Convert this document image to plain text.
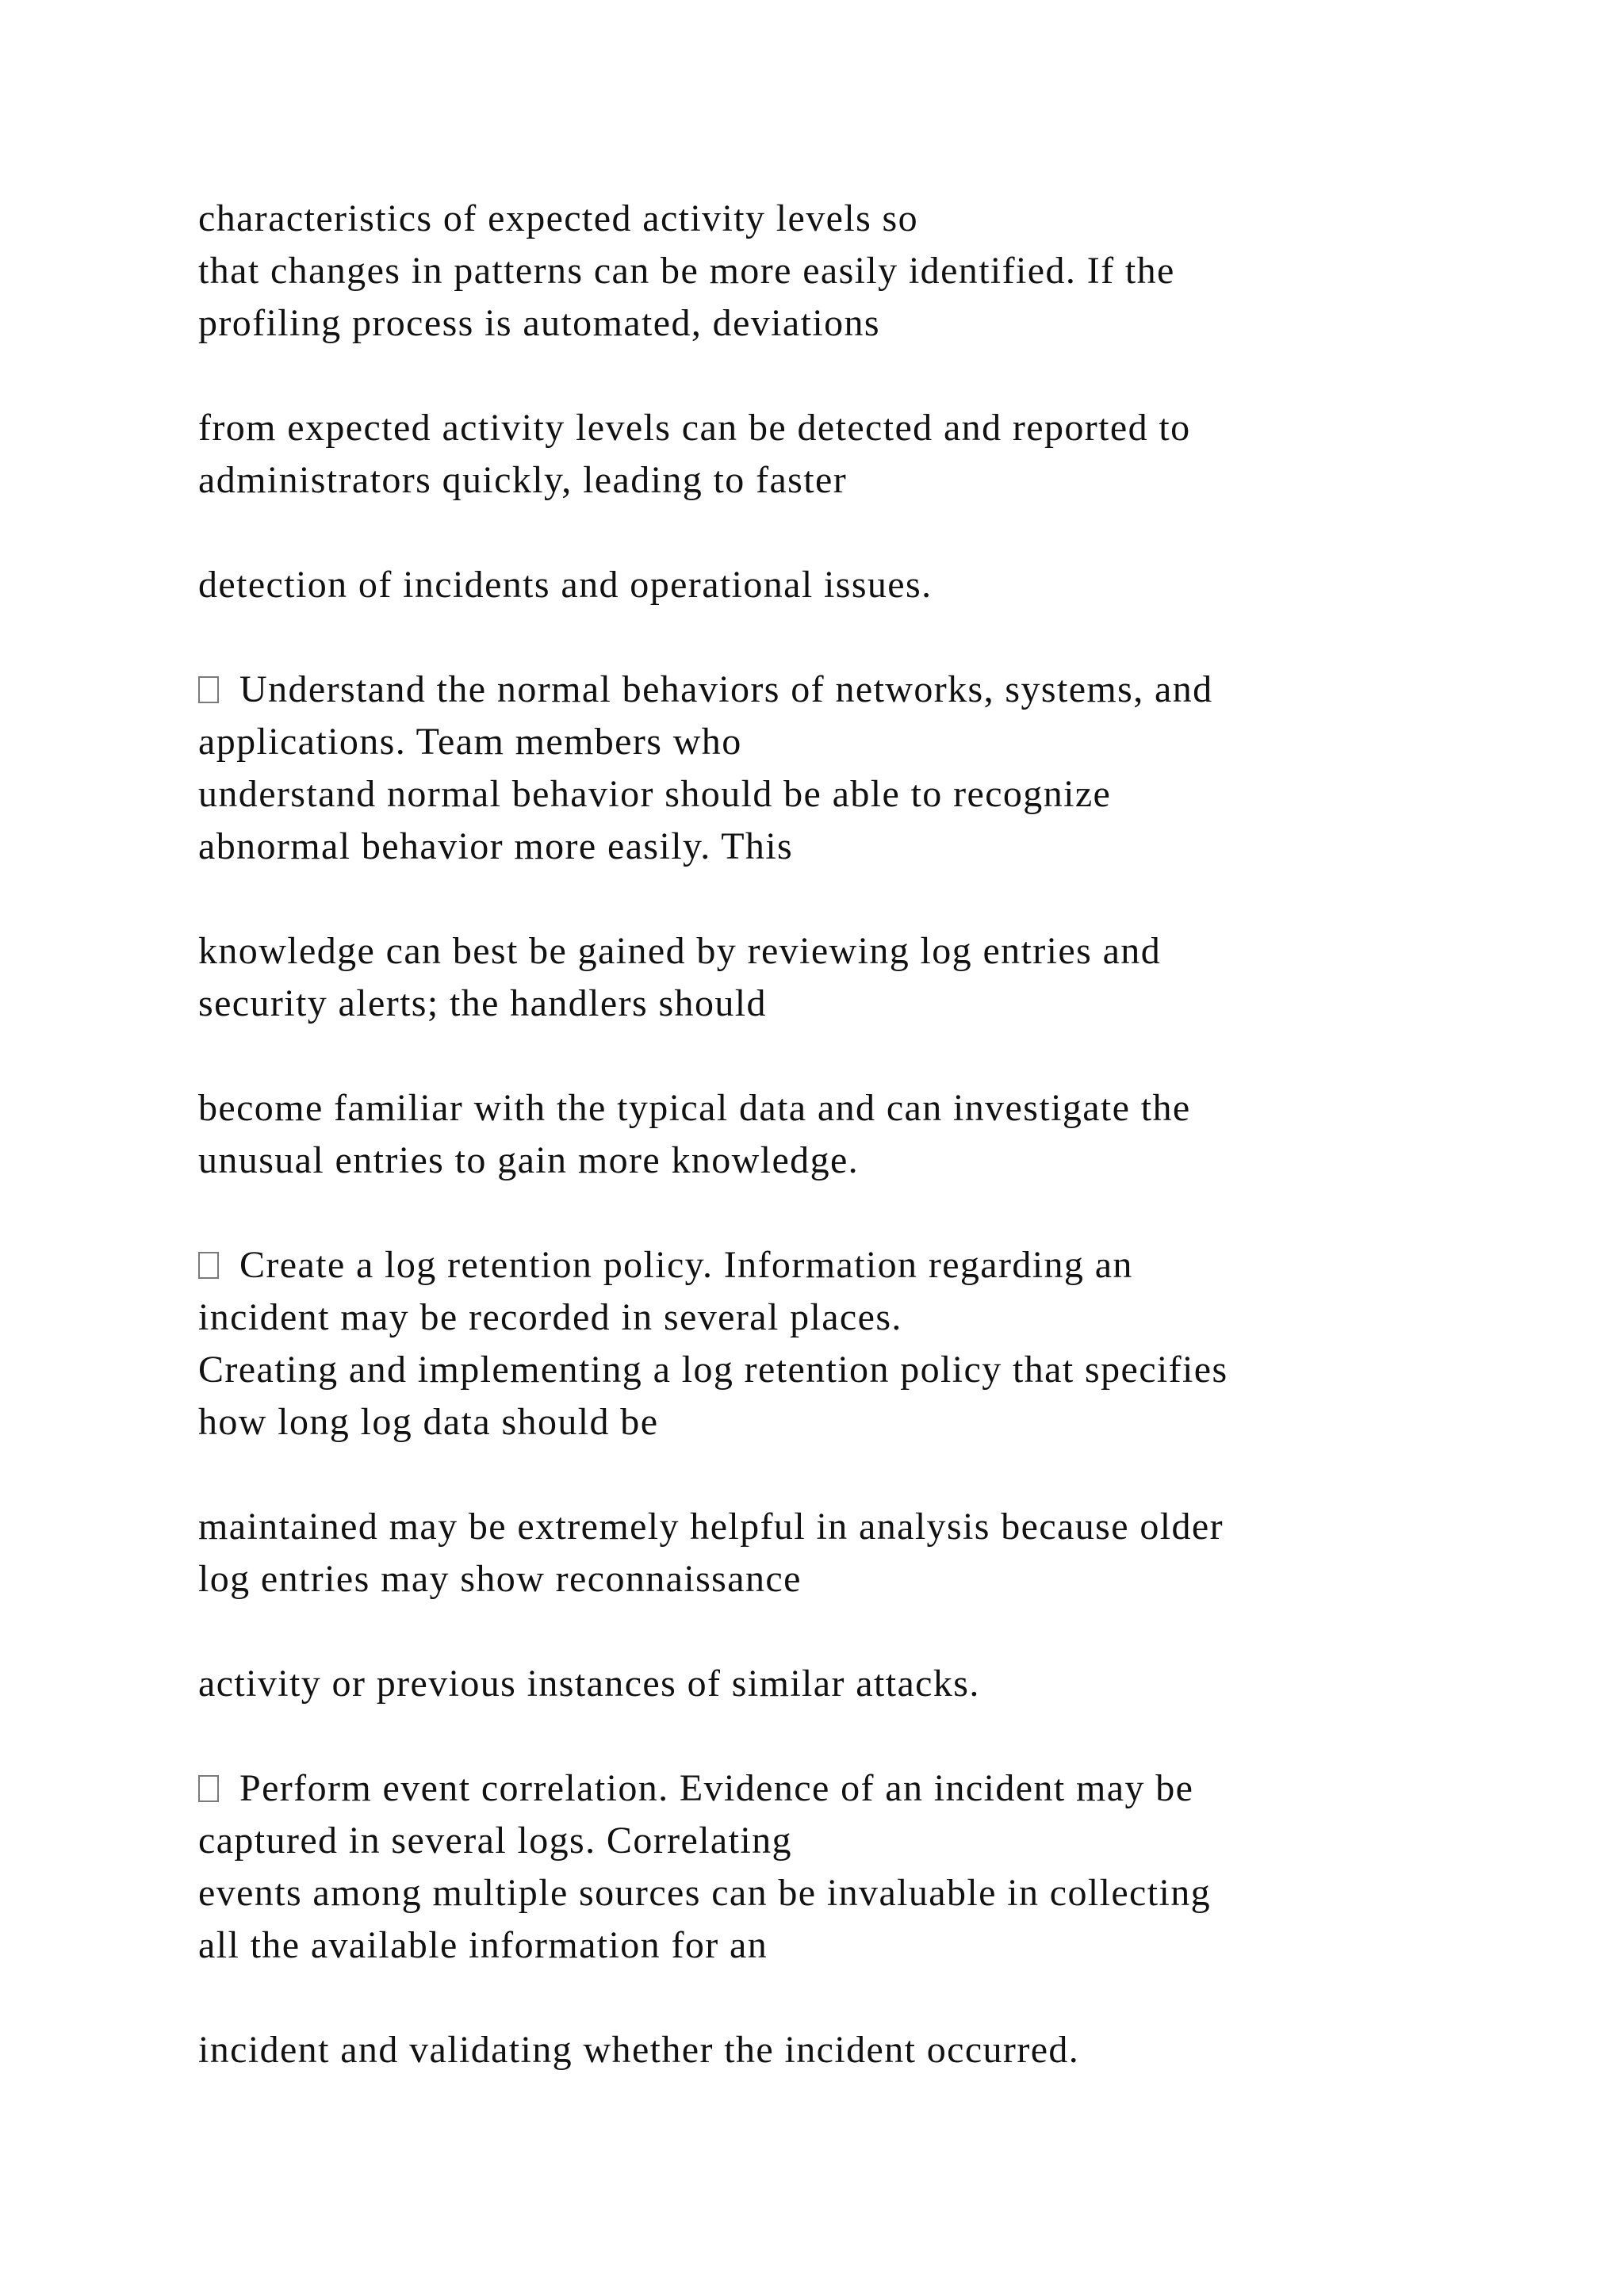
characteristics of expected activity levels so

that changes in patterns can be more easily identified. If the

profiling process is automated, deviations

from expected activity levels can be detected and reported to

administrators quickly, leading to faster

detection of incidents and operational issues.

Understand the normal behaviors of networks, systems, and

applications. Team members who

understand normal behavior should be able to recognize

abnormal behavior more easily. This

knowledge can best be gained by reviewing log entries and

security alerts; the handlers should

become familiar with the typical data and can investigate the

unusual entries to gain more knowledge.

Create a log retention policy. Information regarding an

incident may be recorded in several places.

Creating and implementing a log retention policy that specifies

how long log data should be

maintained may be extremely helpful in analysis because older

log entries may show reconnaissance

activity or previous instances of similar attacks.

Perform event correlation. Evidence of an incident may be

captured in several logs. Correlating

events among multiple sources can be invaluable in collecting

all the available information for an

incident and validating whether the incident occurred.
